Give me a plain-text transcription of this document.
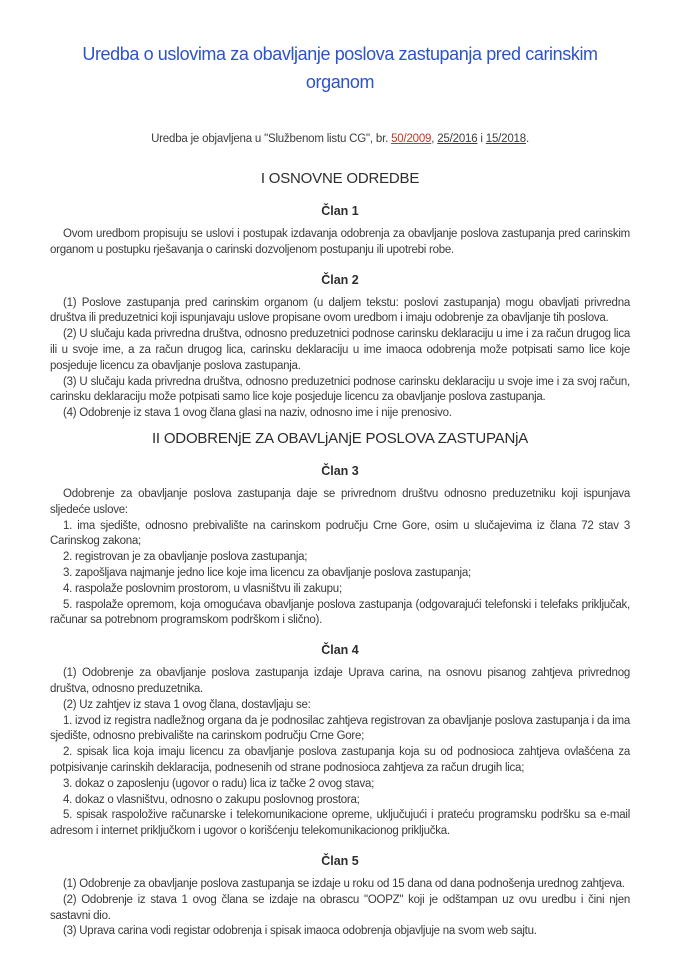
Uredba o uslovima za obavljanje poslova zastupanja pred carinskim organom

Uredba je objavljena u "Službenom listu CG", br. 50/2009, 25/2016 i 15/2018.

I OSNOVNE ODREDBE
Član 1

Ovom uredbom propisuju se uslovi i postupak izdavanja odobrenja za obavljanje poslova zastupanja pred carinskim organom u postupku rješavanja o carinski dozvoljenom postupanju ili upotrebi robe.

Član 2

(1) Poslove zastupanja pred carinskim organom (u daljem tekstu: poslovi zastupanja) mogu obavljati privredna društva ili preduzetnici koji ispunjavaju uslove propisane ovom uredbom i imaju odobrenje za obavljanje tih poslova.

(2) U slučaju kada privredna društva, odnosno preduzetnici podnose carinsku deklaraciju u ime i za račun drugog lica ili u svoje ime, a za račun drugog lica, carinsku deklaraciju u ime imaoca odobrenja može potpisati samo lice koje posjeduje licencu za obavljanje poslova zastupanja.

(3) U slučaju kada privredna društva, odnosno preduzetnici podnose carinsku deklaraciju u svoje ime i za svoj račun, carinsku deklaraciju može potpisati samo lice koje posjeduje licencu za obavljanje poslova zastupanja.

(4) Odobrenje iz stava 1 ovog člana glasi na naziv, odnosno ime i nije prenosivo.

II ODOBRENjE ZA OBAVLjANjE POSLOVA ZASTUPANjA
Član 3

Odobrenje za obavljanje poslova zastupanja daje se privrednom društvu odnosno preduzetniku koji ispunjava sljedeće uslove:

1. ima sjedište, odnosno prebivalište na carinskom području Crne Gore, osim u slučajevima iz člana 72 stav 3 Carinskog zakona;

2. registrovan je za obavljanje poslova zastupanja;

3. zapošljava najmanje jedno lice koje ima licencu za obavljanje poslova zastupanja;

4. raspolaže poslovnim prostorom, u vlasništvu ili zakupu;

5. raspolaže opremom, koja omogućava obavljanje poslova zastupanja (odgovarajući telefonski i telefaks priključak, računar sa potrebnom programskom podrškom i slično).

Član 4

(1) Odobrenje za obavljanje poslova zastupanja izdaje Uprava carina, na osnovu pisanog zahtjeva privrednog društva, odnosno preduzetnika.

(2) Uz zahtjev iz stava 1 ovog člana, dostavljaju se:

1. izvod iz registra nadležnog organa da je podnosilac zahtjeva registrovan za obavljanje poslova zastupanja i da ima sjedište, odnosno prebivalište na carinskom području Crne Gore;

2. spisak lica koja imaju licencu za obavljanje poslova zastupanja koja su od podnosioca zahtjeva ovlašćena za potpisivanje carinskih deklaracija, podnesenih od strane podnosioca zahtjeva za račun drugih lica;

3. dokaz o zaposlenju (ugovor o radu) lica iz tačke 2 ovog stava;

4. dokaz o vlasništvu, odnosno o zakupu poslovnog prostora;

5. spisak raspoložive računarske i telekomunikacione opreme, uključujući i prateću programsku podršku sa e-mail adresom i internet priključkom i ugovor o korišćenju telekomunikacionog priključka.

Član 5

(1) Odobrenje za obavljanje poslova zastupanja se izdaje u roku od 15 dana od dana podnošenja urednog zahtjeva.

(2) Odobrenje iz stava 1 ovog člana se izdaje na obrascu "OOPZ" koji je odštampan uz ovu uredbu i čini njen sastavni dio.

(3) Uprava carina vodi registar odobrenja i spisak imaoca odobrenja objavljuje na svom web sajtu.
